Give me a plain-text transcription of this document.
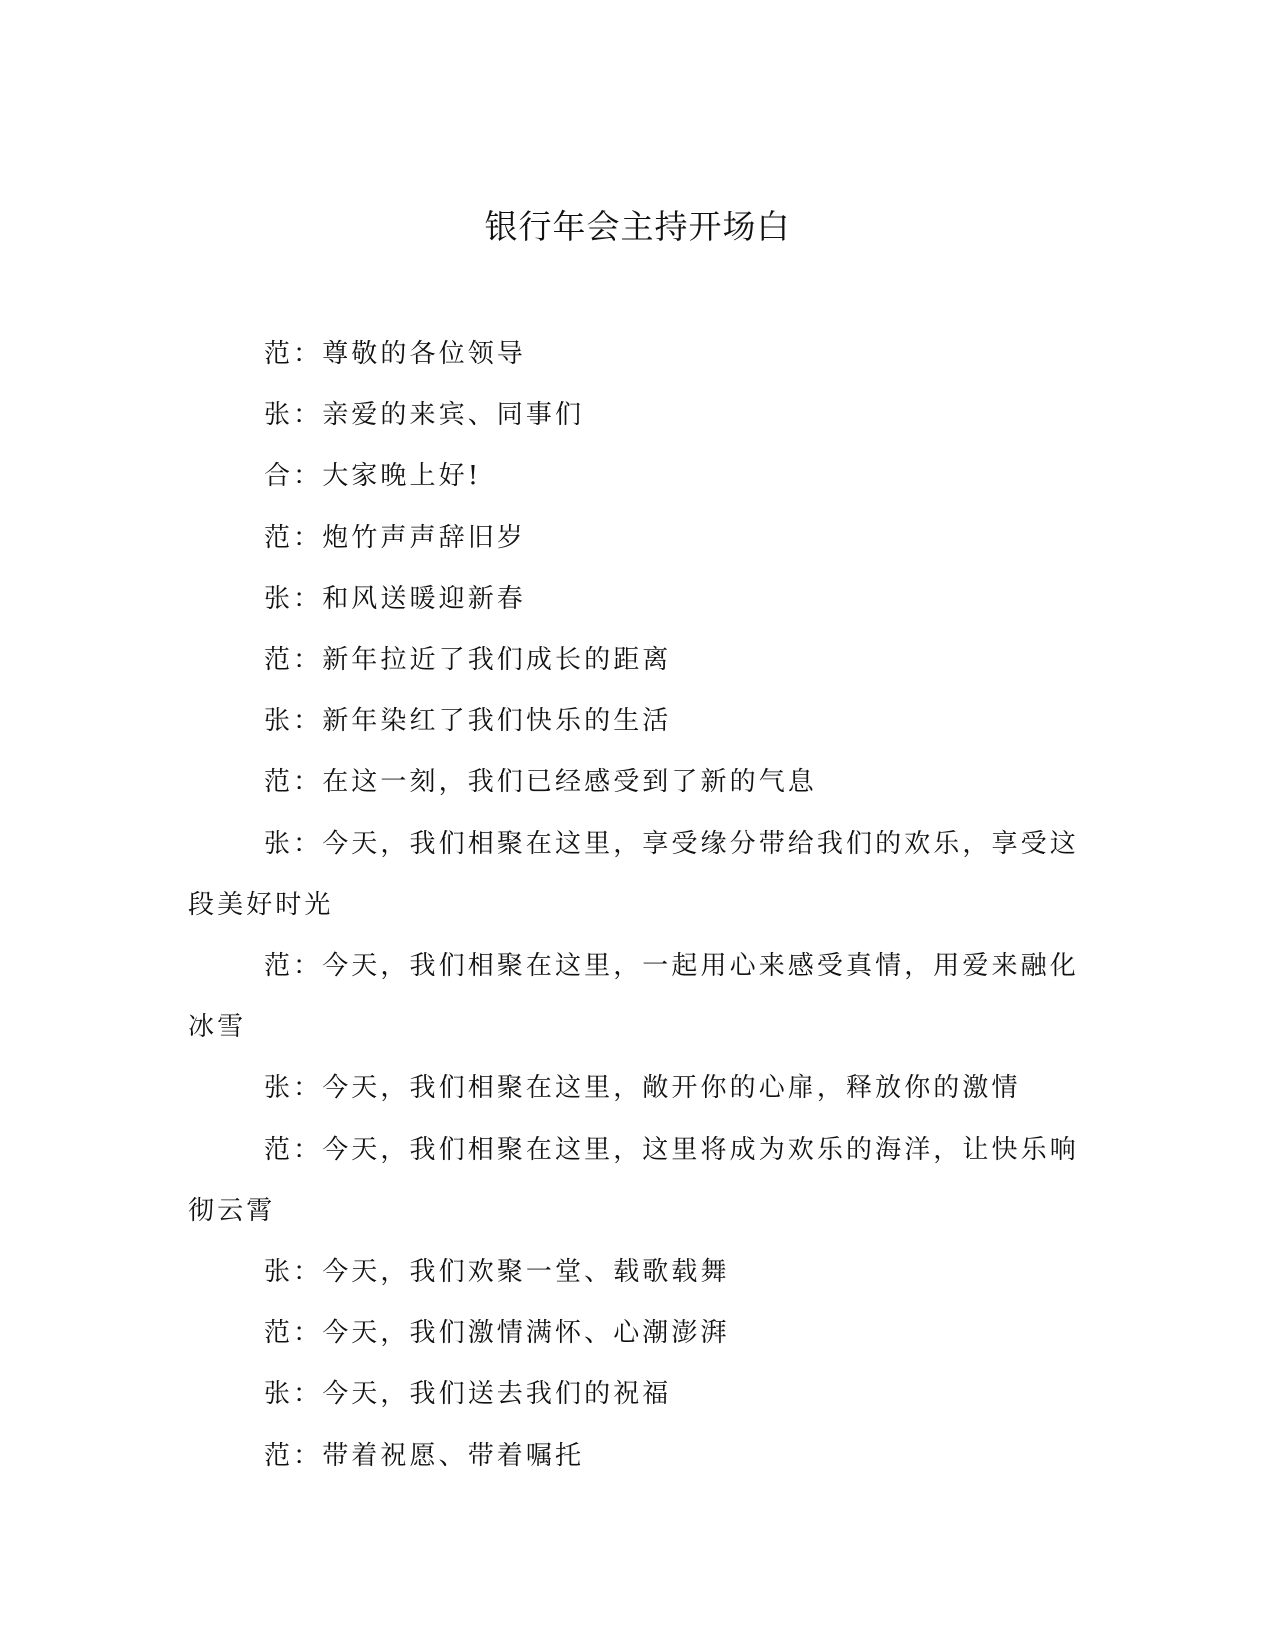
银行年会主持开场白

范：尊敬的各位领导

张：亲爱的来宾、同事们

合：大家晚上好!

范：炮竹声声辞旧岁

张：和风送暖迎新春

范：新年拉近了我们成长的距离

张：新年染红了我们快乐的生活

范：在这一刻，我们已经感受到了新的气息

张：今天，我们相聚在这里，享受缘分带给我们的欢乐，享受这段美好时光

范：今天，我们相聚在这里，一起用心来感受真情，用爱来融化冰雪

张：今天，我们相聚在这里，敞开你的心扉，释放你的激情

范：今天，我们相聚在这里，这里将成为欢乐的海洋，让快乐响彻云霄

张：今天，我们欢聚一堂、载歌载舞

范：今天，我们激情满怀、心潮澎湃

张：今天，我们送去我们的祝福

范：带着祝愿、带着嘱托
